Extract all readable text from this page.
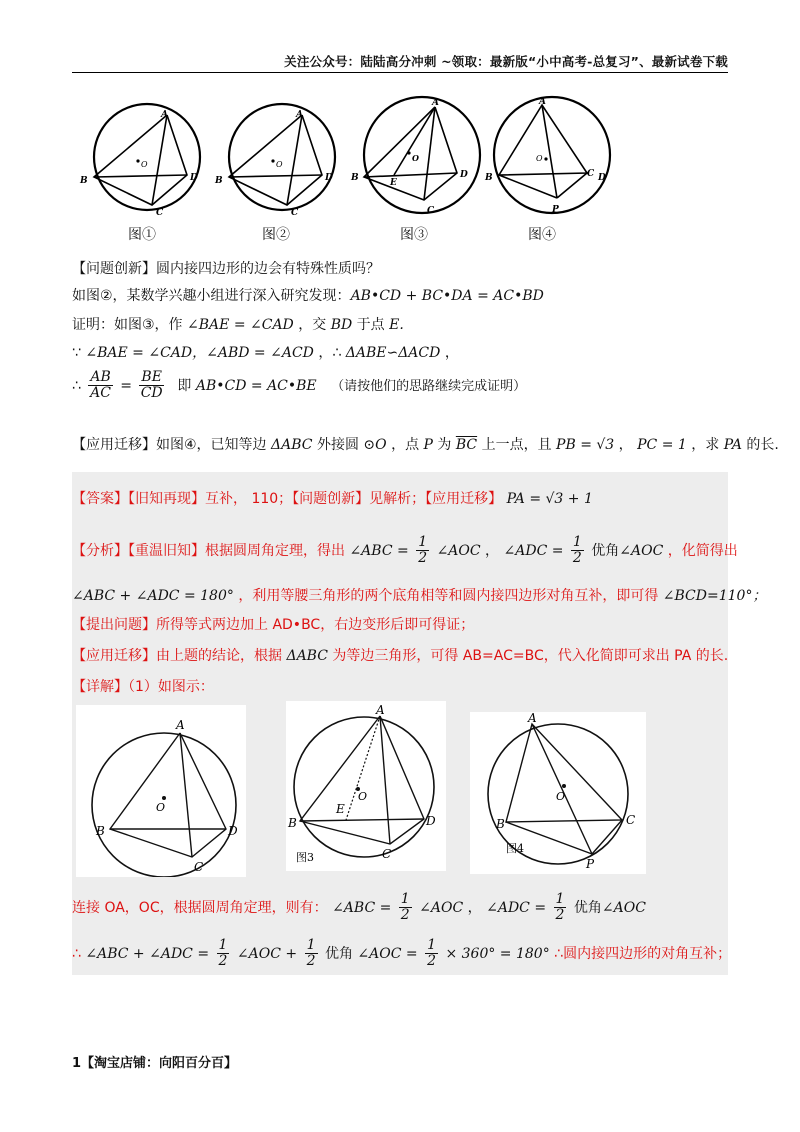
关注公众号：陆陆高分冲刺 ~领取：最新版“小中高考-总复习”、最新试卷下载
A
B
C
D
O
A
B
C
D
O
A
B
C
D
E
O
A
B	C D
P
O
图①	图②	图③	图④
【问题创新】圆内接四边形的边会有特殊性质吗？
如图②，某数学兴趣小组进行深入研究发现：AB•CD + BC•DA = AC•BD
证明：如图③，作 ∠BAE = ∠CAD ，交 BD 于点 E.
∵ ∠BAE = ∠CAD，∠ABD = ∠ACD ，∴ ΔABE∽ΔACD ，
∴ $\frac{AB}{AC} = \frac{BE}{CD}$ 即 AB•CD = AC•BE （请按他们的思路继续完成证明）
【应用迁移】如图④，已知等边 ΔABC 外接圆 ⊙O ，点 P 为 $\overline{BC}$ 上一点，且 PB = √3 ， PC = 1 ，求 PA 的长.
【答案】【旧知再现】互补， 110；【问题创新】见解析；【应用迁移】 PA = √3 + 1
【分析】【重温旧知】根据圆周角定理，得出 ∠ABC = $\frac{1}{2}$ ∠AOC ， ∠ADC = $\frac{1}{2}$ 优角∠AOC ，化简得出
∠ABC + ∠ADC = 180° ，利用等腰三角形的两个底角相等和圆内接四边形对角互补，即可得 ∠BCD=110°；
【提出问题】所得等式两边加上 AD•BC，右边变形后即可得证；
【应用迁移】由上题的结论，根据 ΔABC 为等边三角形，可得 AB=AC=BC，代入化简即可求出 PA 的长.
【详解】（1）如图示：
A
B
C
D
O
A
B
C
D
E
O
图3
A
B	C
P
O
图4
连接 OA，OC，根据圆周角定理，则有： ∠ABC = $\frac{1}{2}$ ∠AOC ， ∠ADC = $\frac{1}{2}$ 优角∠AOC
∴ ∠ABC + ∠ADC = $\frac{1}{2}$ ∠AOC + $\frac{1}{2}$ 优角 ∠AOC = $\frac{1}{2} \times 360^\circ = 180^\circ$ ∴圆内接四边形的对角互补；
1【淘宝店铺：向阳百分百】
